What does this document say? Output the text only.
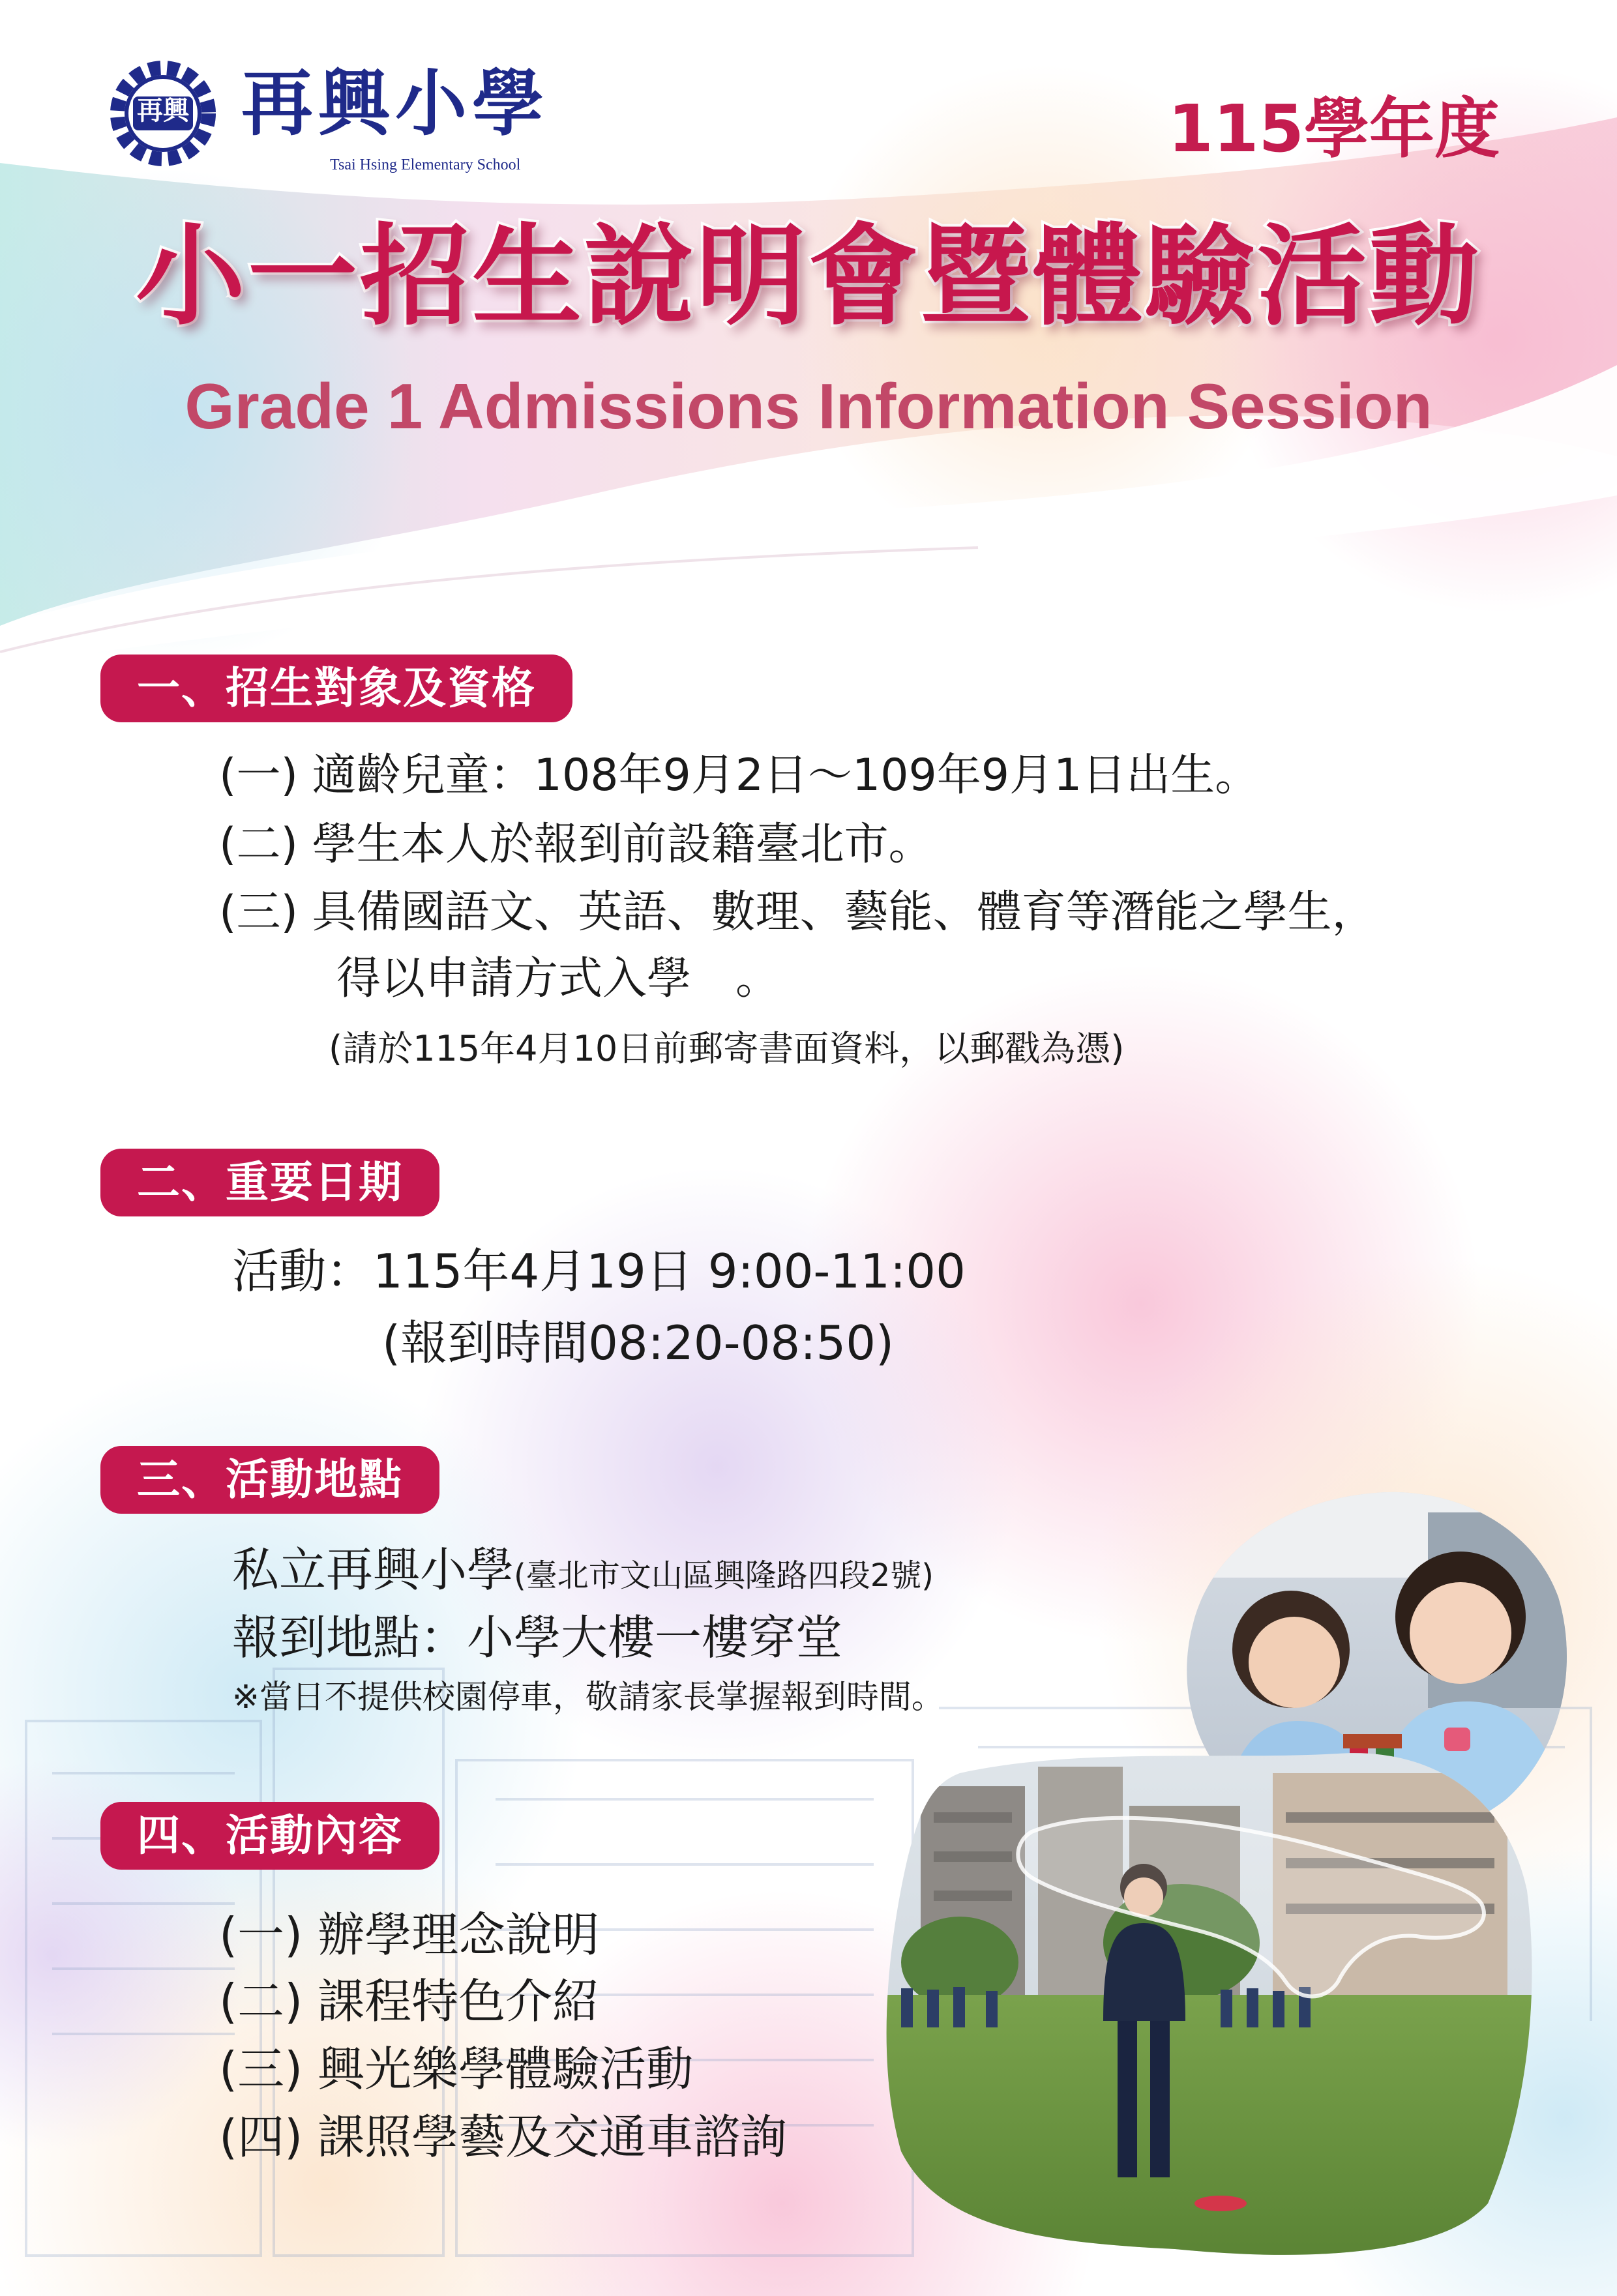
再興 再興小學
Tsai Hsing Elementary School	115學年度
小一招生說明會暨體驗活動
Grade 1 Admissions Information Session
一、招生對象及資格
(一) 適齡兒童：108年9月2日～109年9月1日出生。
(二) 學生本人於報到前設籍臺北市。
(三) 具備國語文、英語、數理、藝能、體育等潛能之學生，
得以申請方式入學　。
(請於115年4月10日前郵寄書面資料，以郵戳為憑)
二、重要日期
活動：115年4月19日 9:00-11:00
(報到時間08:20-08:50)
三、活動地點
私立再興小學(臺北市文山區興隆路四段2號)
報到地點：小學大樓一樓穿堂
※當日不提供校園停車，敬請家長掌握報到時間。
四、活動內容
(一) 辦學理念說明
(二) 課程特色介紹
(三) 興光樂學體驗活動
(四) 課照學藝及交通車諮詢
